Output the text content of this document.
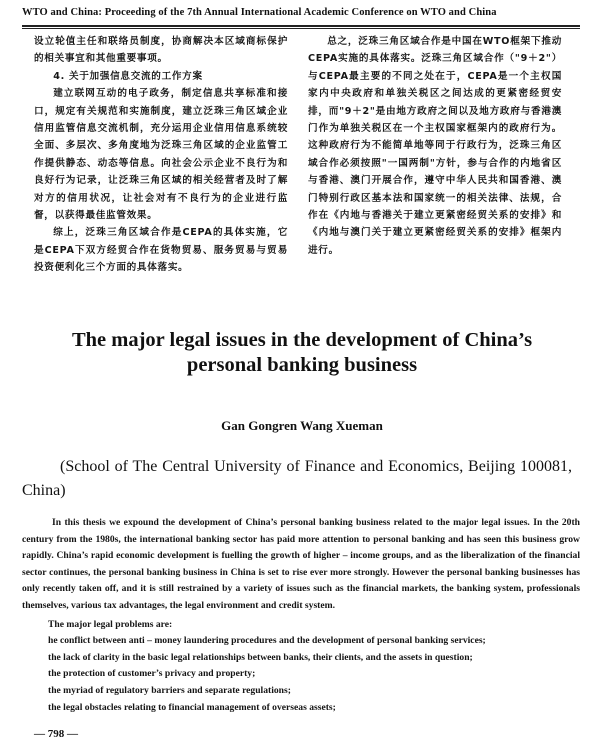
WTO and China: Proceeding of the 7th Annual International Academic Conference on WTO and China

设立轮值主任和联络员制度，协商解决本区域商标保护的相关事宜和其他重要事项。

4. 关于加强信息交流的工作方案

建立联网互动的电子政务，制定信息共享标准和接口，规定有关规范和实施制度，建立泛珠三角区域企业信用监管信息交流机制，充分运用企业信用信息系统较全面、多层次、多角度地为泛珠三角区域的企业监管工作提供静态、动态等信息。向社会公示企业不良行为和良好行为记录，让泛珠三角区域的相关经营者及时了解对方的信用状况，让社会对有不良行为的企业进行监督，以获得最佳监管效果。

综上，泛珠三角区域合作是CEPA的具体实施，它是CEPA下双方经贸合作在货物贸易、服务贸易与贸易投资便利化三个方面的具体落实。

总之，泛珠三角区域合作是中国在WTO框架下推动CEPA实施的具体落实。泛珠三角区域合作（"9＋2"）与CEPA最主要的不同之处在于，CEPA是一个主权国家内中央政府和单独关税区之间达成的更紧密经贸安排，而"9＋2"是由地方政府之间以及地方政府与香港澳门作为单独关税区在一个主权国家框架内的政府行为。这种政府行为不能简单地等同于行政行为，泛珠三角区域合作必须按照"一国两制"方针，参与合作的内地省区与香港、澳门开展合作，遵守中华人民共和国香港、澳门特别行政区基本法和国家统一的相关法律、法规，合作在《内地与香港关于建立更紧密经贸关系的安排》和《内地与澳门关于建立更紧密经贸关系的安排》框架内进行。

The major legal issues in the development of China’s
personal banking business
Gan Gongren Wang Xueman
(School of The Central University of Finance and Economics, Beijing 100081, China)

In this thesis we expound the development of China’s personal banking business related to the major legal issues. In the 20th century from the 1980s, the international banking sector has paid more attention to personal banking and has seen this business grow rapidly. China’s rapid economic development is fuelling the growth of higher – income groups, and as the liberalization of the financial sector continues, the personal banking business in China is set to rise ever more strongly. However the personal banking businesses has only recently taken off, and it is still restrained by a variety of issues such as the financial markets, the banking system, professionals themselves, various tax advantages, the legal environment and credit system.

The major legal problems are:

he conflict between anti – money laundering procedures and the development of personal banking services;

the lack of clarity in the basic legal relationships between banks, their clients, and the assets in question;

the protection of customer’s privacy and property;

the myriad of regulatory barriers and separate regulations;

the legal obstacles relating to financial management of overseas assets;

— 798 —
